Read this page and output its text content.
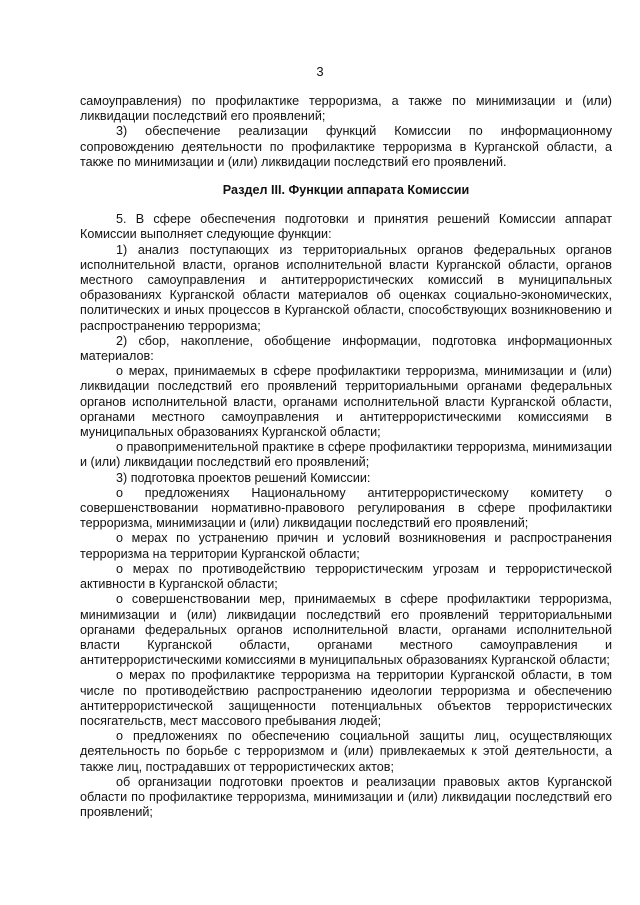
3

самоуправления) по профилактике терроризма, а также по минимизации и (или) ликвидации последствий его проявлений;

3) обеспечение реализации функций Комиссии по информационному сопровождению деятельности по профилактике терроризма в Курганской области, а также по минимизации и (или) ликвидации последствий его проявлений.

Раздел III. Функции аппарата Комиссии

5. В сфере обеспечения подготовки и принятия решений Комиссии аппарат Комиссии выполняет следующие функции:

1) анализ поступающих из территориальных органов федеральных органов исполнительной власти, органов исполнительной власти Курганской области, органов местного самоуправления и антитеррористических комиссий в муниципальных образованиях Курганской области материалов об оценках социально-экономических, политических и иных процессов в Курганской области, способствующих возникновению и распространению терроризма;

2) сбор, накопление, обобщение информации, подготовка информационных материалов:

о мерах, принимаемых в сфере профилактики терроризма, минимизации и (или) ликвидации последствий его проявлений территориальными органами федеральных органов исполнительной власти, органами исполнительной власти Курганской области, органами местного самоуправления и антитеррористическими комиссиями в муниципальных образованиях Курганской области;

о правоприменительной практике в сфере профилактики терроризма, минимизации и (или) ликвидации последствий его проявлений;

3) подготовка проектов решений Комиссии:

о предложениях Национальному антитеррористическому комитету о совершенствовании нормативно-правового регулирования в сфере профилактики терроризма, минимизации и (или) ликвидации последствий его проявлений;

о мерах по устранению причин и условий возникновения и распространения терроризма на территории Курганской области;

о мерах по противодействию террористическим угрозам и террористической активности в Курганской области;

о совершенствовании мер, принимаемых в сфере профилактики терроризма, минимизации и (или) ликвидации последствий его проявлений территориальными органами федеральных органов исполнительной власти, органами исполнительной власти Курганской области, органами местного самоуправления и антитеррористическими комиссиями в муниципальных образованиях Курганской области;

о мерах по профилактике терроризма на территории Курганской области, в том числе по противодействию распространению идеологии терроризма и обеспечению антитеррористической защищенности потенциальных объектов террористических посягательств, мест массового пребывания людей;

о предложениях по обеспечению социальной защиты лиц, осуществляющих деятельность по борьбе с терроризмом и (или) привлекаемых к этой деятельности, а также лиц, пострадавших от террористических актов;

об организации подготовки проектов и реализации правовых актов Курганской области по профилактике терроризма, минимизации и (или) ликвидации последствий его проявлений;
